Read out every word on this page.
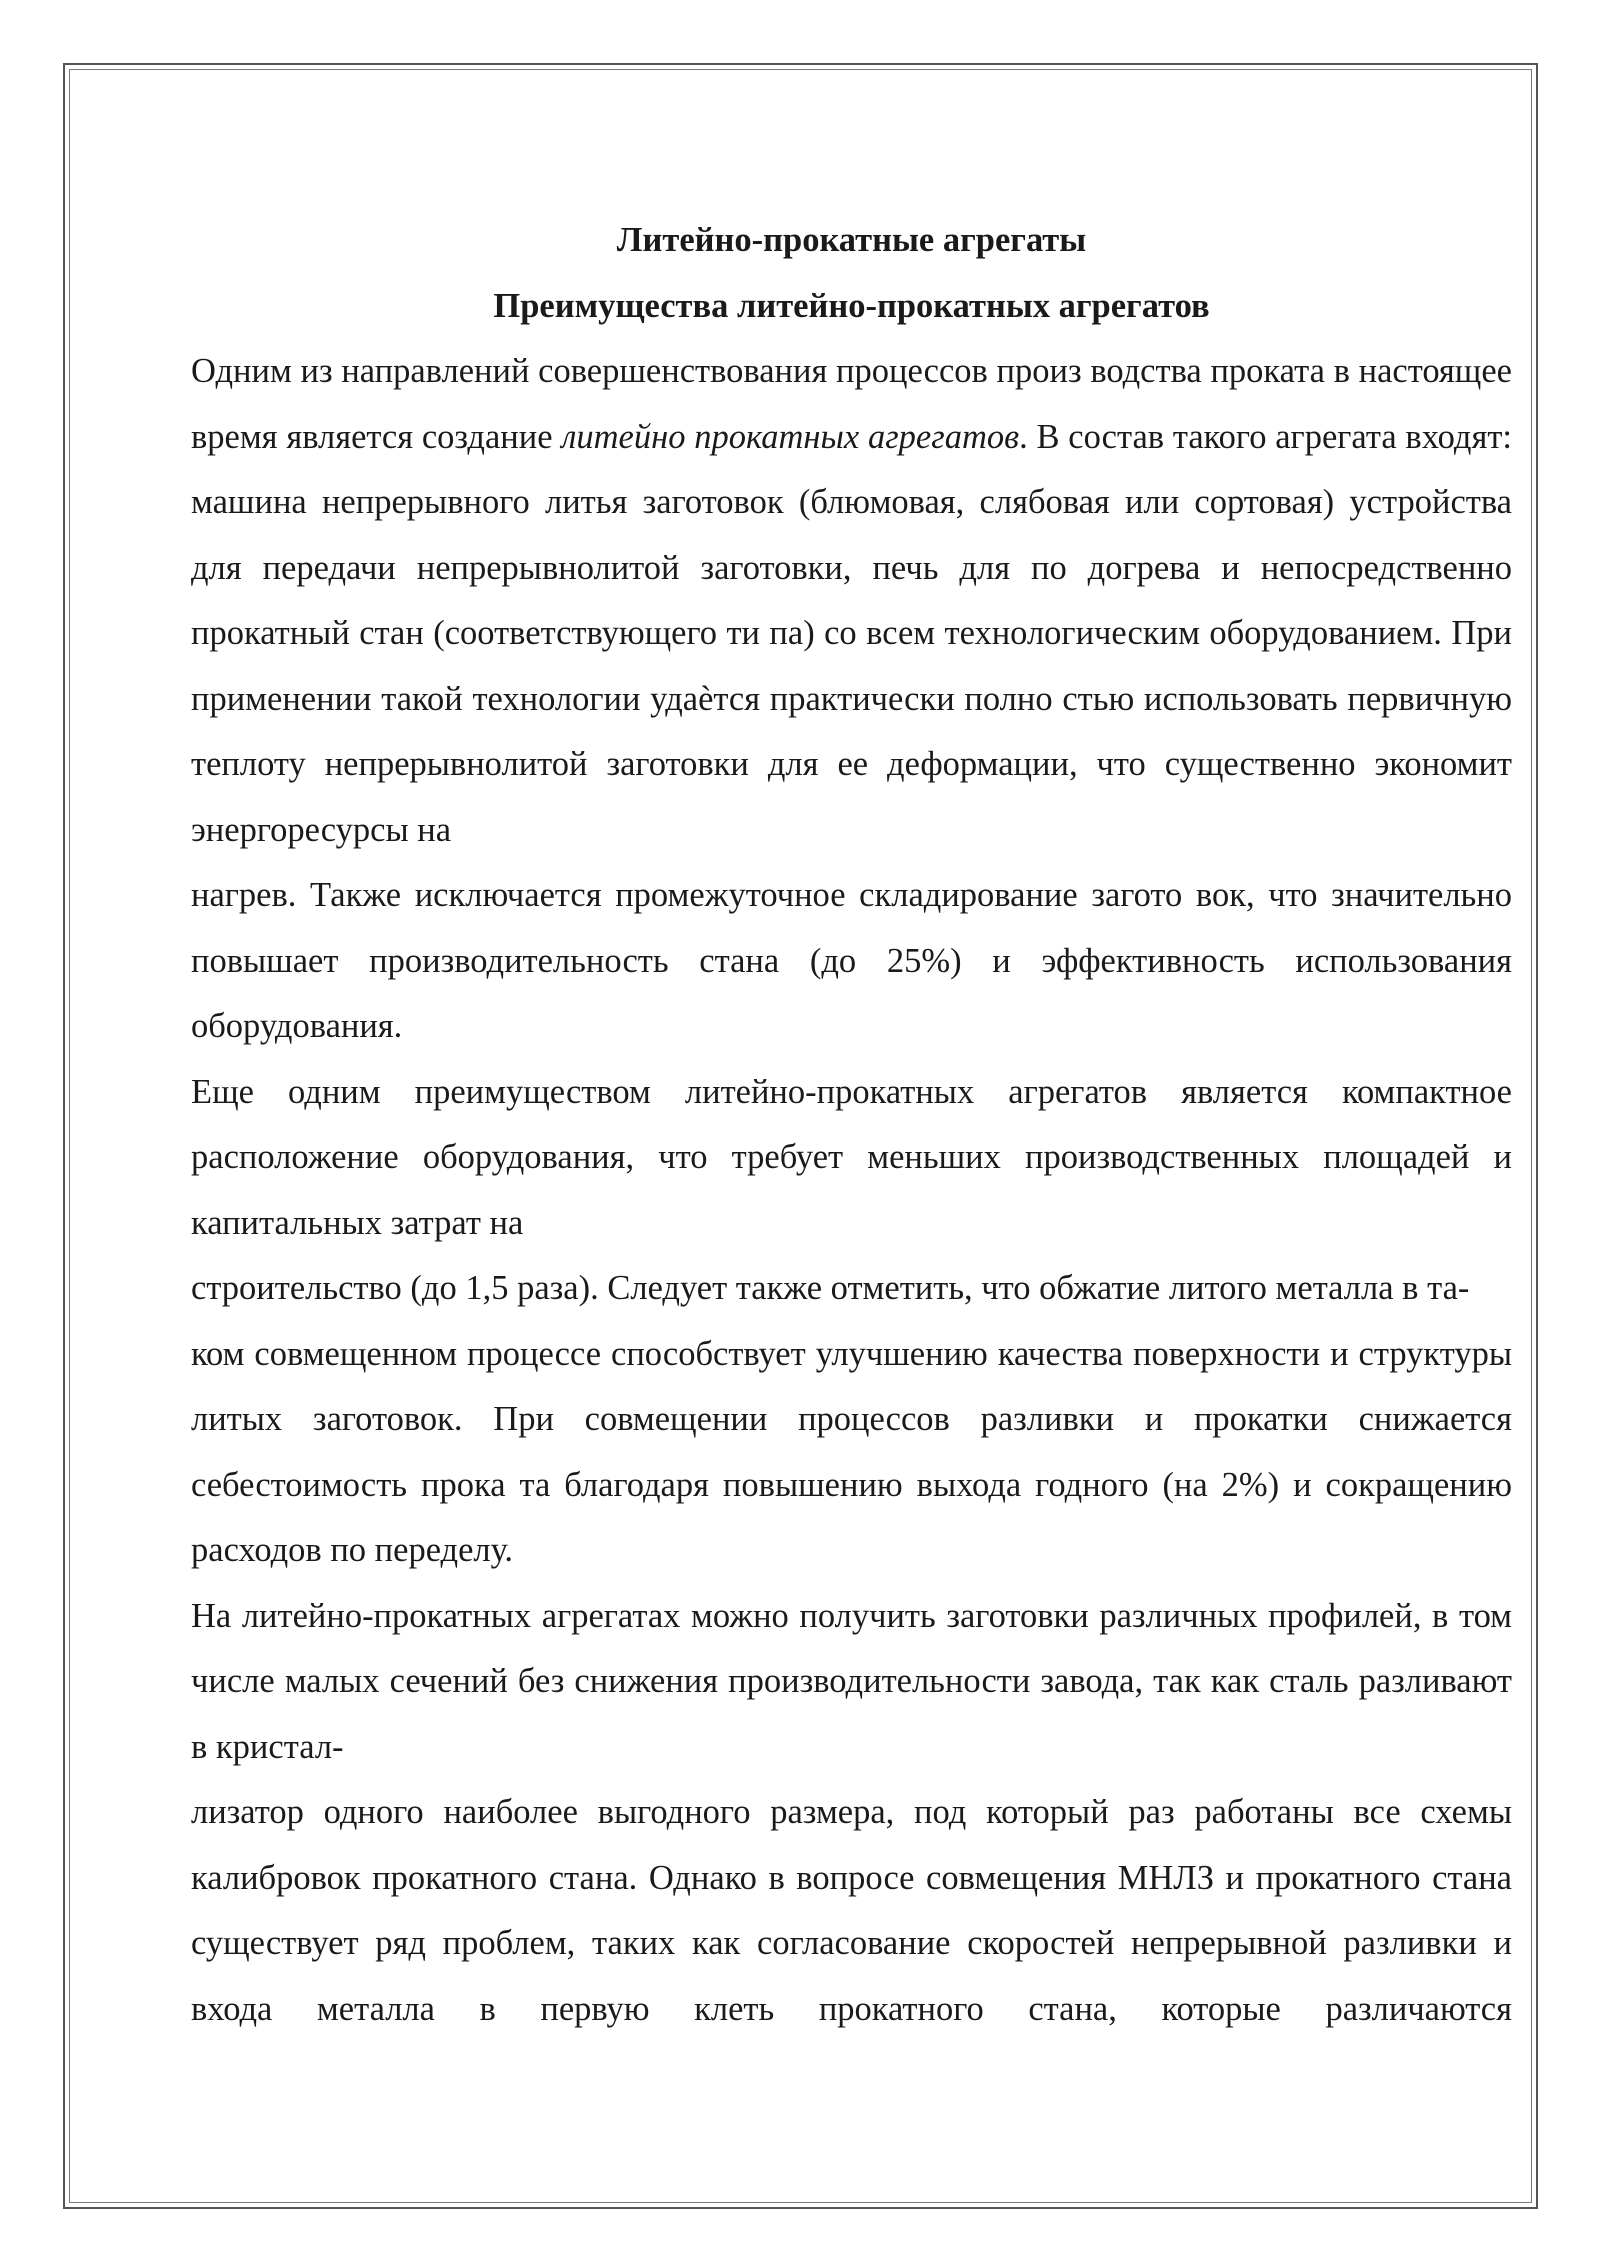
Литейно-прокатные агрегаты
Преимущества литейно-прокатных агрегатов

Одним из направлений совершенствования процессов произ водства проката в настоящее время является создание литейно прокатных агрегатов. В состав такого агрегата входят: машина непрерывного литья заготовок (блюмовая, слябовая или сортовая) устройства для передачи непрерывнолитой заготовки, печь для по догрева и непосредственно прокатный стан (соответствующего ти па) со всем технологическим оборудованием. При применении такой технологии удаѐтся практически полно стью использовать первичную теплоту непрерывнолитой заготовки для ее деформации, что существенно экономит энергоресурсы на

нагрев. Также исключается промежуточное складирование загото вок, что значительно повышает производительность стана (до 25%) и эффективность использования оборудования.

Еще одним преимуществом литейно-прокатных агрегатов является компактное расположение оборудования, что требует меньших производственных площадей и капитальных затрат на

строительство (до 1,5 раза). Следует также отметить, что обжатие литого металла в та-

ком совмещенном процессе способствует улучшению качества поверхности и структуры литых заготовок. При совмещении процессов разливки и прокатки снижается себестоимость прока та благодаря повышению выхода годного (на 2%) и сокращению расходов по переделу.

На литейно-прокатных агрегатах можно получить заготовки различных профилей, в том числе малых сечений без снижения производительности завода, так как сталь разливают в кристал-

лизатор одного наиболее выгодного размера, под который раз работаны все схемы калибровок прокатного стана. Однако в вопросе совмещения МНЛЗ и прокатного стана существует ряд проблем, таких как согласование скоростей непрерывной разливки и входа металла в первую клеть прокатного стана, которые различаются
